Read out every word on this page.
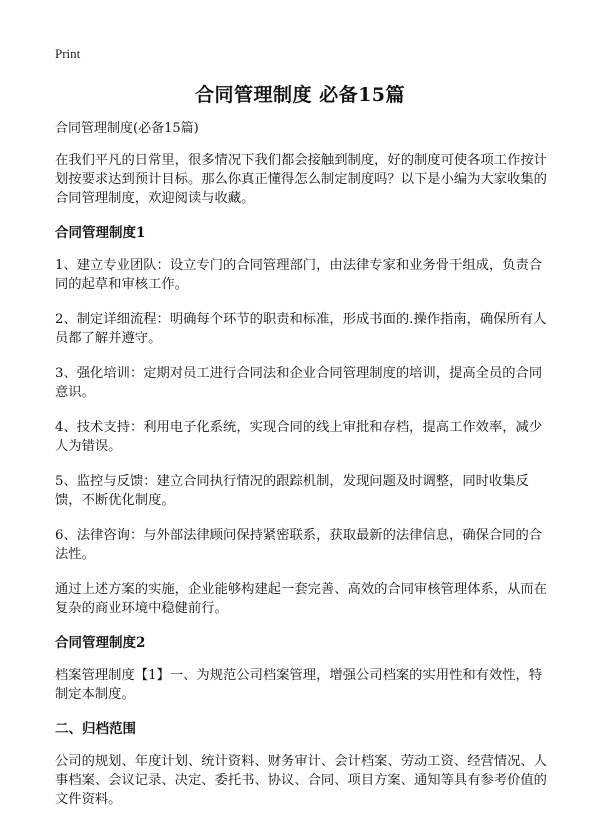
Print
合同管理制度 必备15篇

合同管理制度(必备15篇)

在我们平凡的日常里，很多情况下我们都会接触到制度，好的制度可使各项工作按计划按要求达到预计目标。那么你真正懂得怎么制定制度吗？以下是小编为大家收集的合同管理制度，欢迎阅读与收藏。

合同管理制度1

1、建立专业团队：设立专门的合同管理部门，由法律专家和业务骨干组成，负责合同的起草和审核工作。

2、制定详细流程：明确每个环节的职责和标准，形成书面的.操作指南，确保所有人员都了解并遵守。

3、强化培训：定期对员工进行合同法和企业合同管理制度的培训，提高全员的合同意识。

4、技术支持：利用电子化系统，实现合同的线上审批和存档，提高工作效率，减少人为错误。

5、监控与反馈：建立合同执行情况的跟踪机制，发现问题及时调整，同时收集反馈，不断优化制度。

6、法律咨询：与外部法律顾问保持紧密联系，获取最新的法律信息，确保合同的合法性。

通过上述方案的实施，企业能够构建起一套完善、高效的合同审核管理体系，从而在复杂的商业环境中稳健前行。

合同管理制度2

档案管理制度【1】一、为规范公司档案管理，增强公司档案的实用性和有效性，特制定本制度。

二、归档范围

公司的规划、年度计划、统计资料、财务审计、会计档案、劳动工资、经营情况、人事档案、会议记录、决定、委托书、协议、合同、项目方案、通知等具有参考价值的文件资料。
